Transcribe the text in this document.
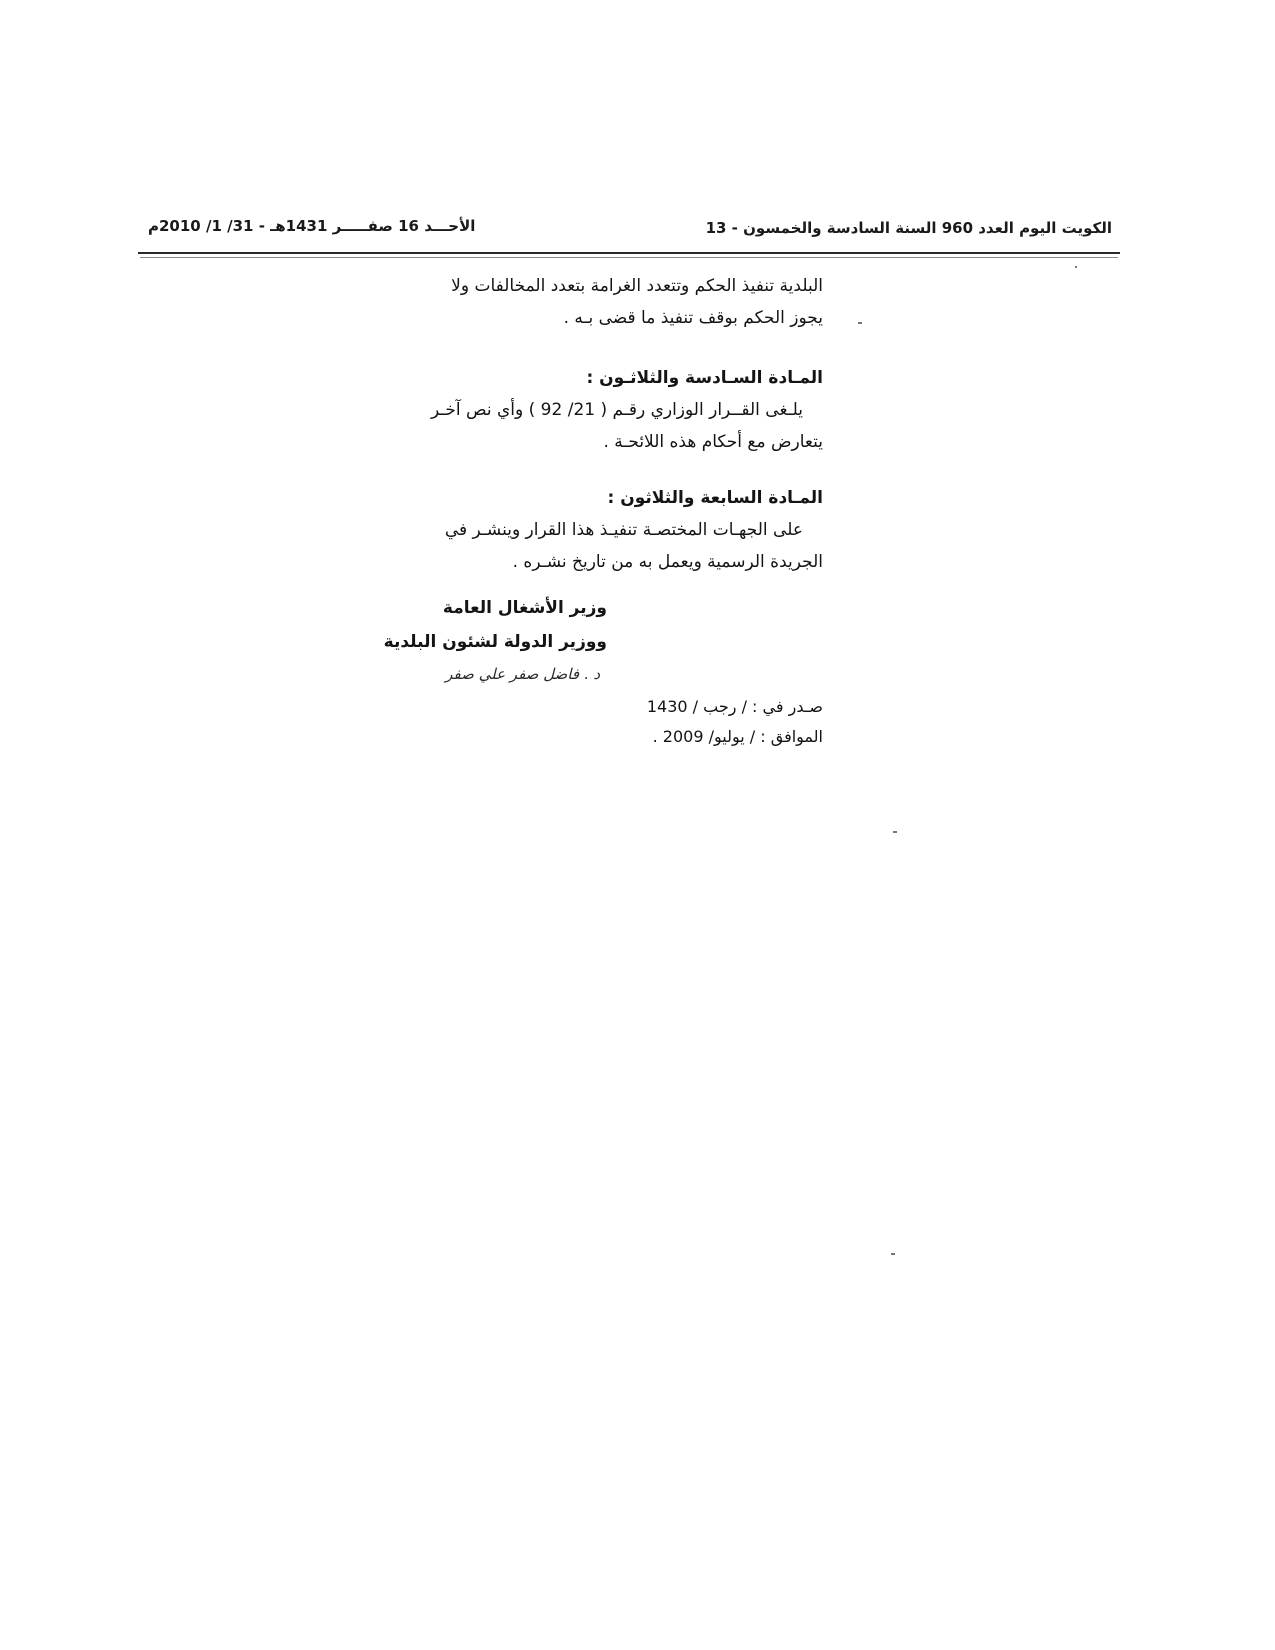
الكويت اليوم العدد 960 السنة السادسة والخمسون - 13
الأحـــد 16 صفـــــر 1431هـ - 31/ 1/ 2010م
البلدية تنفيذ الحكم وتتعدد الغرامة بتعدد المخالفات ولا
يجوز الحكم بوقف تنفيذ ما قضى بـه .
المـادة السـادسة والثلاثـون :
يلـغى القــرار الوزاري رقـم ( 21/ 92 ) وأي نص آخـر
يتعارض مع أحكام هذه اللائحـة .
المـادة السابعة والثلاثون :
على الجهـات المختصـة تنفيـذ هذا القرار وينشـر في
الجريدة الرسمية ويعمل به من تاريخ نشـره .
وزير الأشغال العامة
ووزير الدولة لشئون البلدية
د . فاضل صفر علي صفر
صـدر في : / رجب / 1430
الموافق : / يوليو/ 2009 .
